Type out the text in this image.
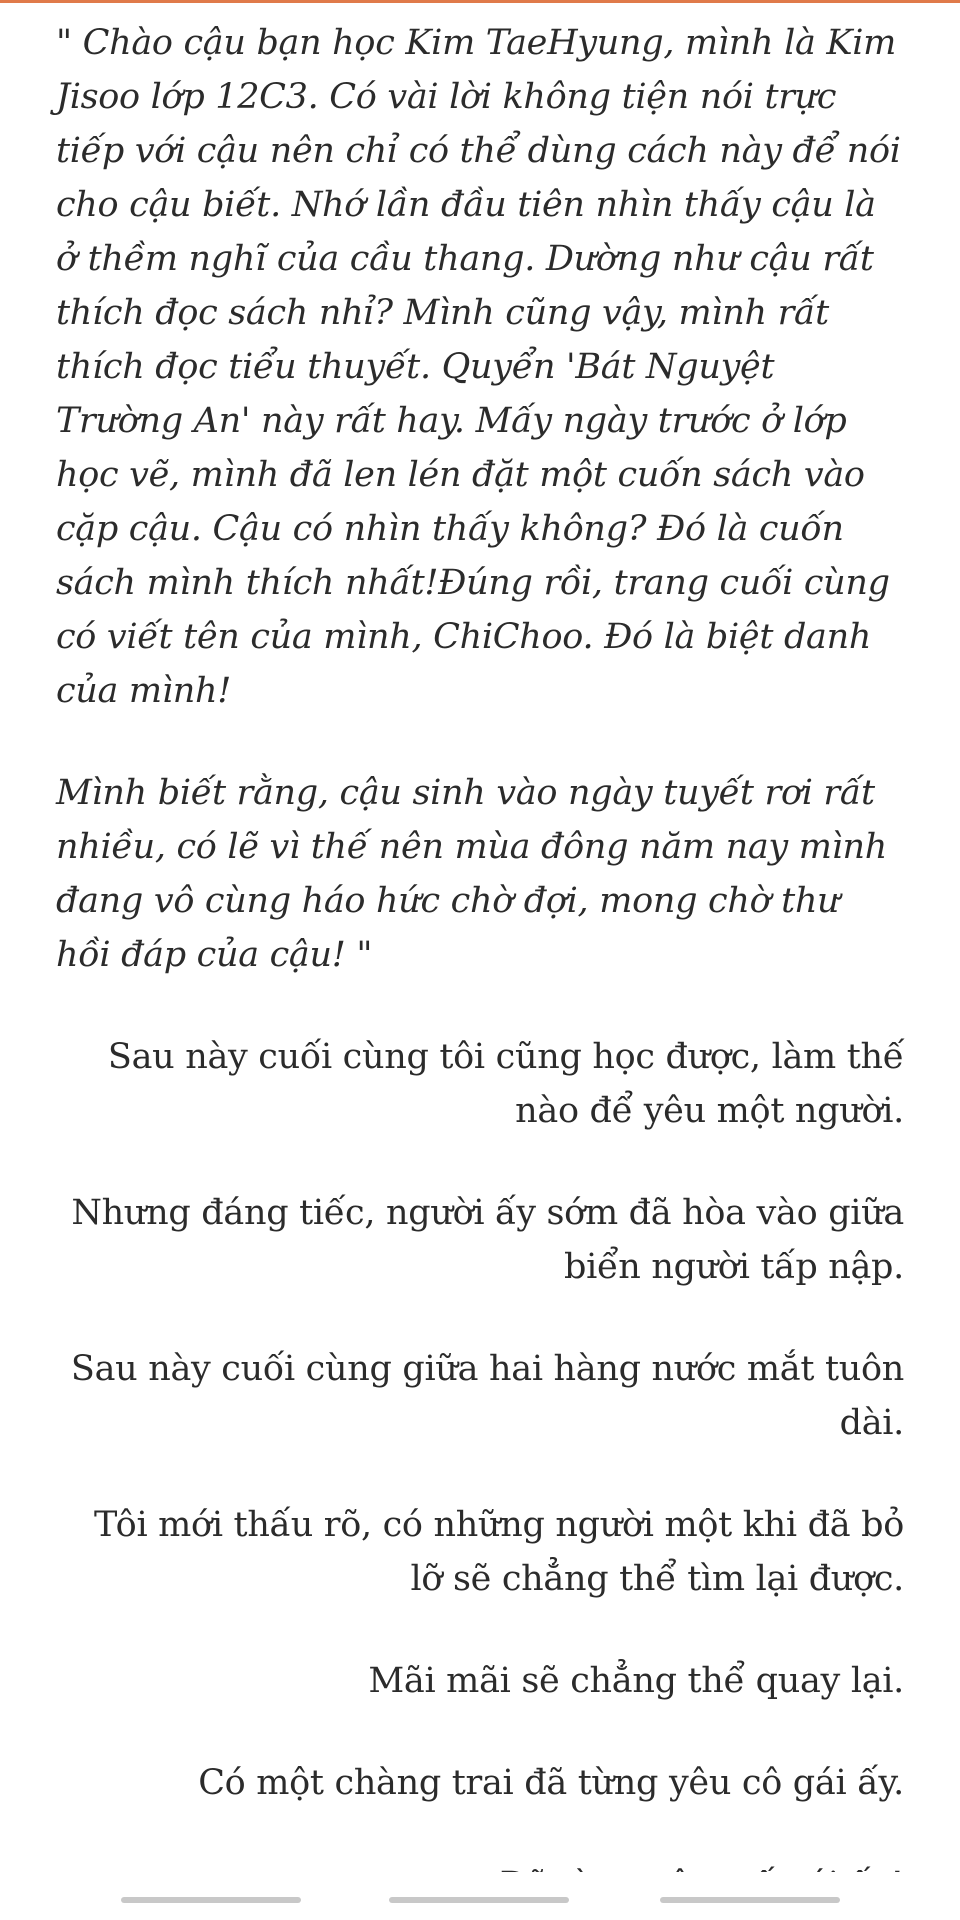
" Chào cậu bạn học Kim TaeHyung, mình là Kim Jisoo lớp 12C3. Có vài lời không tiện nói trực tiếp với cậu nên chỉ có thể dùng cách này để nói cho cậu biết. Nhớ lần đầu tiên nhìn thấy cậu là ở thềm nghĩ của cầu thang. Dường như cậu rất thích đọc sách nhỉ? Mình cũng vậy, mình rất thích đọc tiểu thuyết. Quyển 'Bát Nguyệt Trường An' này rất hay. Mấy ngày trước ở lớp học vẽ, mình đã len lén đặt một cuốn sách vào cặp cậu. Cậu có nhìn thấy không? Đó là cuốn sách mình thích nhất!Đúng rồi, trang cuối cùng có viết tên của mình, ChiChoo. Đó là biệt danh của mình!

Mình biết rằng, cậu sinh vào ngày tuyết rơi rất nhiều, có lẽ vì thế nên mùa đông năm nay mình đang vô cùng háo hức chờ đợi, mong chờ thư hồi đáp của cậu! "

Sau này cuối cùng tôi cũng học được, làm thế nào để yêu một người.

Nhưng đáng tiếc, người ấy sớm đã hòa vào giữa biển người tấp nập.

Sau này cuối cùng giữa hai hàng nước mắt tuôn dài.

Tôi mới thấu rõ, có những người một khi đã bỏ lỡ sẽ chẳng thể tìm lại được.

Mãi mãi sẽ chẳng thể quay lại.

Có một chàng trai đã từng yêu cô gái ấy.
